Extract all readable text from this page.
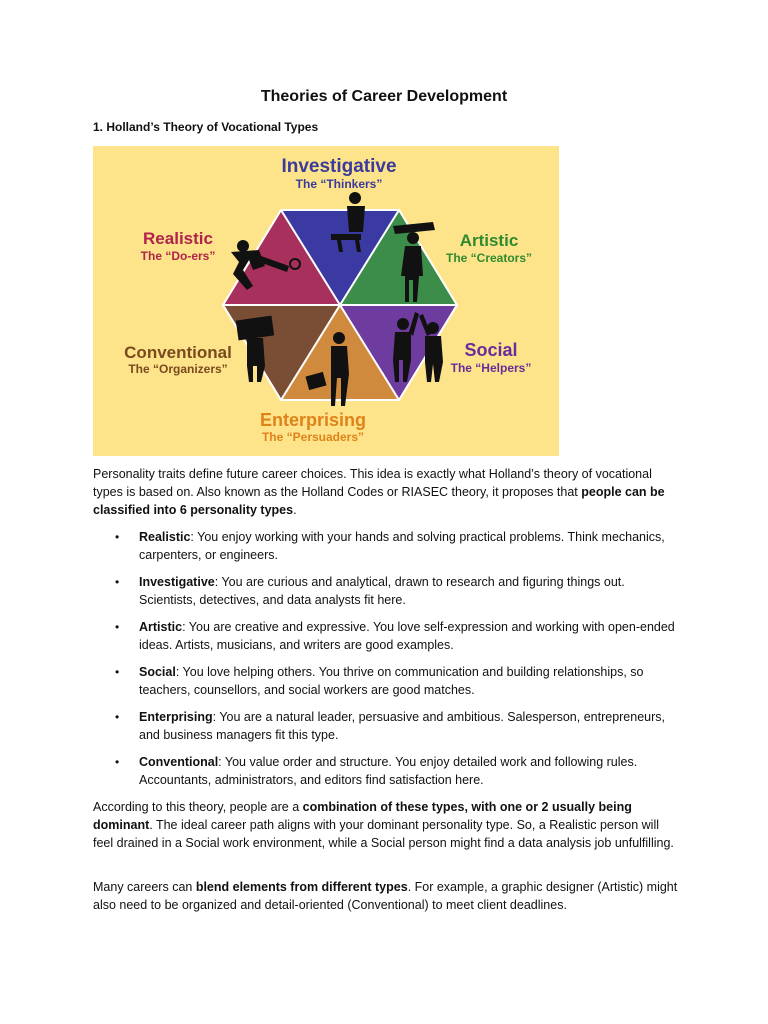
Theories of Career Development
1. Holland’s Theory of Vocational Types
Investigative
The “Thinkers”
Artistic
The “Creators”
Social
The “Helpers”
Enterprising
The “Persuaders”
Conventional
The “Organizers”
Realistic
The “Do-ers”

Personality traits define future career choices. This idea is exactly what Holland’s theory of vocational types is based on. Also known as the Holland Codes or RIASEC theory, it proposes that people can be classified into 6 personality types.

• Realistic: You enjoy working with your hands and solving practical problems. Think mechanics, carpenters, or engineers.
• Investigative: You are curious and analytical, drawn to research and figuring things out. Scientists, detectives, and data analysts fit here.
• Artistic: You are creative and expressive. You love self-expression and working with open-ended ideas. Artists, musicians, and writers are good examples.
• Social: You love helping others. You thrive on communication and building relationships, so teachers, counsellors, and social workers are good matches.
• Enterprising: You are a natural leader, persuasive and ambitious. Salesperson, entrepreneurs, and business managers fit this type.
• Conventional: You value order and structure. You enjoy detailed work and following rules. Accountants, administrators, and editors find satisfaction here.

According to this theory, people are a combination of these types, with one or 2 usually being dominant. The ideal career path aligns with your dominant personality type. So, a Realistic person will feel drained in a Social work environment, while a Social person might find a data analysis job unfulfilling.

Many careers can blend elements from different types. For example, a graphic designer (Artistic) might also need to be organized and detail-oriented (Conventional) to meet client deadlines.
